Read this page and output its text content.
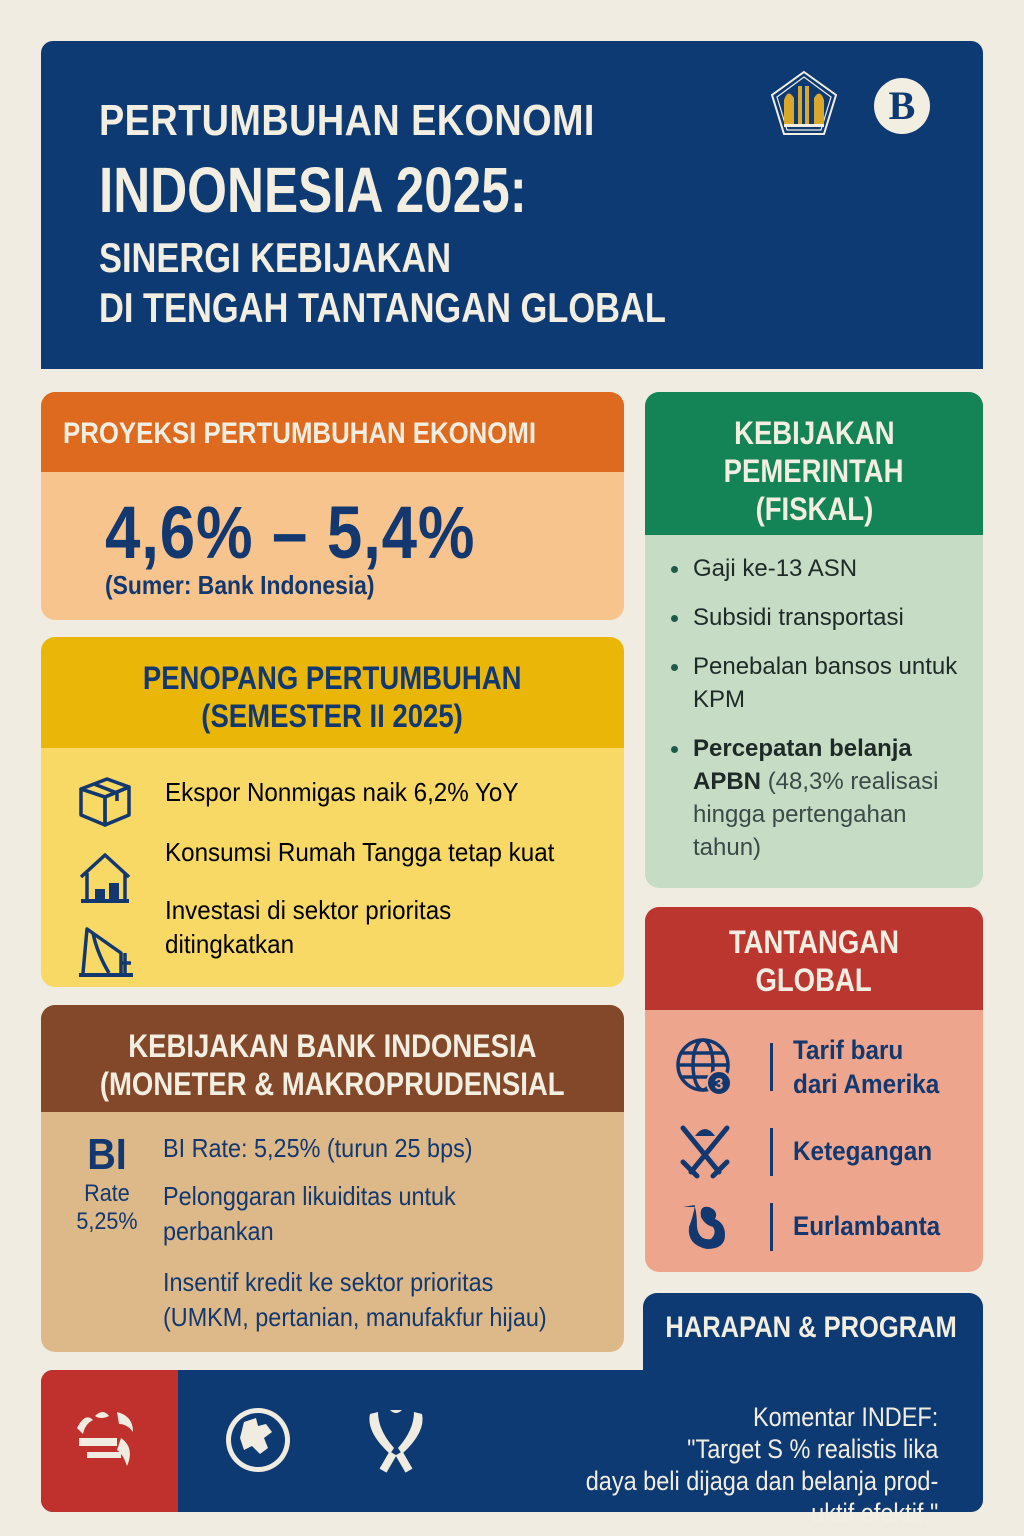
PERTUMBUHAN EKONOMI
INDONESIA 2025:
SINERGI KEBIJAKAN
DI TENGAH TANTANGAN GLOBAL
B
PROYEKSI PERTUMBUHAN EKONOMI
4,6% – 5,4%
(Sumer: Bank Indonesia)
PENOPANG PERTUMBUHAN
(SEMESTER II 2025)
Ekspor Nonmigas naik 6,2% YoY
Konsumsi Rumah Tangga tetap kuat
Investasi di sektor prioritas
ditingkatkan
KEBIJAKAN BANK INDONESIA
(MONETER & MAKROPRUDENSIAL
BI
Rate
5,25%
BI Rate: 5,25% (turun 25 bps)
Pelonggaran likuiditas untuk
perbankan
Insentif kredit ke sektor prioritas
(UMKM, pertanian, manufakfur hijau)
KEBIJAKAN
PEMERINTAH
(FISKAL)
Gaji ke-13 ASN
Subsidi transportasi
Penebalan bansos untuk KPM
Percepatan belanja APBN (48,3% realisasi hingga pertengahan tahun)
TANTANGAN
GLOBAL
3
Tarif baru
dari Amerika
Ketegangan
Eurlambanta
HARAPAN & PROGRAM
Komentar INDEF:
"Target S % realistis lika
daya beli dijaga dan belanja prod-
uktif efektif."
